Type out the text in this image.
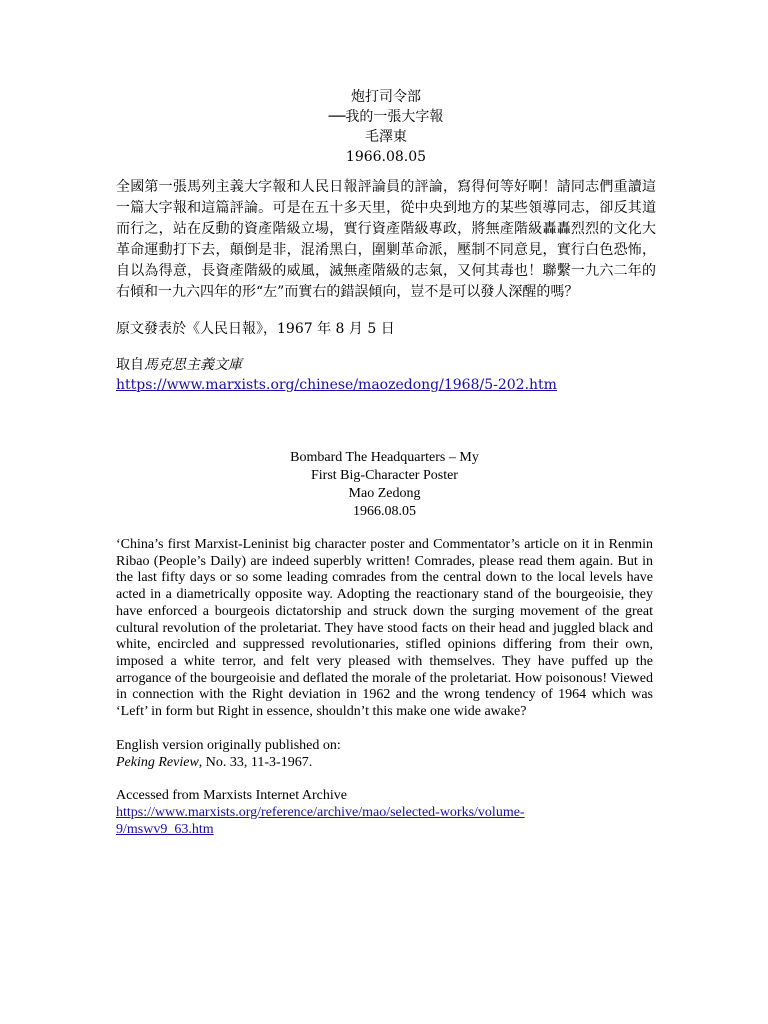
炮打司令部
──我的一張大字報
毛澤東
1966.08.05
全國第一張馬列主義大字報和人民日報評論員的評論，寫得何等好啊！請同志們重讀這一篇大字報和這篇評論。可是在五十多天里，從中央到地方的某些領導同志，卻反其道而行之，站在反動的資產階級立場，實行資產階級專政，將無產階級轟轟烈烈的文化大革命運動打下去，顛倒是非，混淆黑白，圍剿革命派，壓制不同意見，實行白色恐怖，自以為得意，長資產階級的威風，滅無產階級的志氣，又何其毒也！聯繫一九六二年的右傾和一九六四年的形“左”而實右的錯誤傾向，豈不是可以發人深醒的嗎？
原文發表於《人民日報》，1967 年 8 月 5 日
取自馬克思主義文庫
https://www.marxists.org/chinese/maozedong/1968/5-202.htm
Bombard The Headquarters – My
First Big-Character Poster
Mao Zedong
1966.08.05
‘China’s first Marxist-Leninist big character poster and Commentator’s article on it in Renmin Ribao (People’s Daily) are indeed superbly written! Comrades, please read them again. But in the last fifty days or so some leading comrades from the central down to the local levels have acted in a diametrically opposite way. Adopting the reactionary stand of the bourgeoisie, they have enforced a bourgeois dictatorship and struck down the surging movement of the great cultural revolution of the proletariat. They have stood facts on their head and juggled black and white, encircled and suppressed revolutionaries, stifled opinions differing from their own, imposed a white terror, and felt very pleased with themselves. They have puffed up the arrogance of the bourgeoisie and deflated the morale of the proletariat. How poisonous! Viewed in connection with the Right deviation in 1962 and the wrong tendency of 1964 which was ‘Left’ in form but Right in essence, shouldn’t this make one wide awake?
English version originally published on:
Peking Review, No. 33, 11-3-1967.
Accessed from Marxists Internet Archive
https://www.marxists.org/reference/archive/mao/selected-works/volume-
9/mswv9_63.htm
